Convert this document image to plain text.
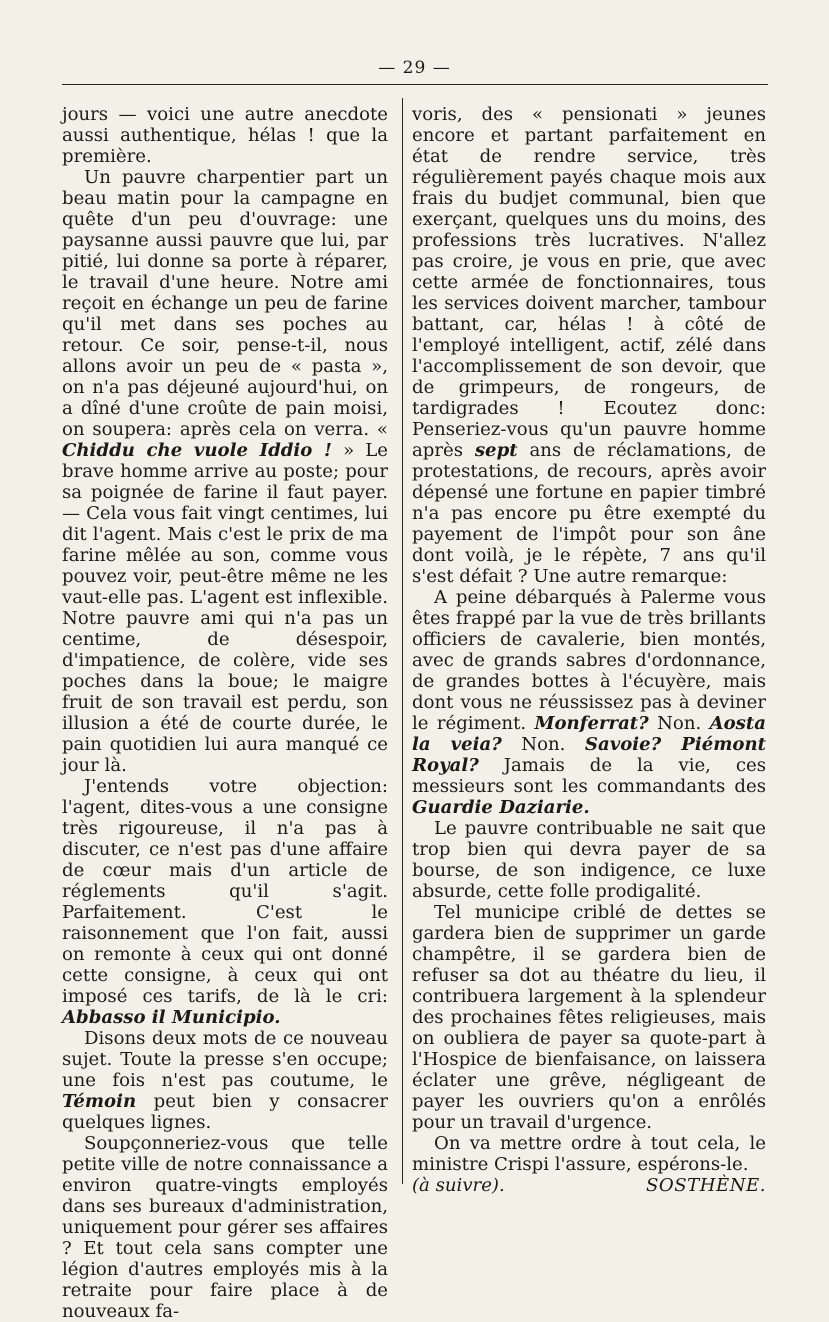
— 29 —

jours — voici une autre anecdote aussi authentique, hélas ! que la première.

Un pauvre charpentier part un beau matin pour la campagne en quête d'un peu d'ouvrage: une paysanne aussi pauvre que lui, par pitié, lui donne sa porte à réparer, le travail d'une heure. Notre ami reçoit en échange un peu de farine qu'il met dans ses poches au retour. Ce soir, pense-t-il, nous allons avoir un peu de « pasta », on n'a pas déjeuné aujourd'hui, on a dîné d'une croûte de pain moisi, on soupera: après cela on verra. « Chiddu che vuole Iddio ! » Le brave homme arrive au poste; pour sa poignée de farine il faut payer. — Cela vous fait vingt centimes, lui dit l'agent. Mais c'est le prix de ma farine mêlée au son, comme vous pouvez voir, peut-être même ne les vaut-elle pas. L'agent est inflexible. Notre pauvre ami qui n'a pas un centime, de désespoir, d'impatience, de colère, vide ses poches dans la boue; le maigre fruit de son travail est perdu, son illusion a été de courte durée, le pain quotidien lui aura manqué ce jour là.

J'entends votre objection: l'agent, dites-vous a une consigne très rigoureuse, il n'a pas à discuter, ce n'est pas d'une affaire de cœur mais d'un article de réglements qu'il s'agit. Parfaitement. C'est le raisonnement que l'on fait, aussi on remonte à ceux qui ont donné cette consigne, à ceux qui ont imposé ces tarifs, de là le cri: Abbasso il Municipio.

Disons deux mots de ce nouveau sujet. Toute la presse s'en occupe; une fois n'est pas coutume, le Témoin peut bien y consacrer quelques lignes.

Soupçonneriez-vous que telle petite ville de notre connaissance a environ quatre-vingts employés dans ses bureaux d'administration, uniquement pour gérer ses affaires ? Et tout cela sans compter une légion d'autres employés mis à la retraite pour faire place à de nouveaux fa-

voris, des « pensionati » jeunes encore et partant parfaitement en état de rendre service, très régulièrement payés chaque mois aux frais du budjet communal, bien que exerçant, quelques uns du moins, des professions très lucratives. N'allez pas croire, je vous en prie, que avec cette armée de fonctionnaires, tous les services doivent marcher, tambour battant, car, hélas ! à côté de l'employé intelligent, actif, zélé dans l'accomplissement de son devoir, que de grimpeurs, de rongeurs, de tardigrades ! Ecoutez donc: Penseriez-vous qu'un pauvre homme après sept ans de réclamations, de protestations, de recours, après avoir dépensé une fortune en papier timbré n'a pas encore pu être exempté du payement de l'impôt pour son âne dont voilà, je le répète, 7 ans qu'il s'est défait ? Une autre remarque:

A peine débarqués à Palerme vous êtes frappé par la vue de très brillants officiers de cavalerie, bien montés, avec de grands sabres d'ordonnance, de grandes bottes à l'écuyère, mais dont vous ne réussissez pas à deviner le régiment. Monferrat? Non. Aosta la veia? Non. Savoie? Piémont Royal? Jamais de la vie, ces messieurs sont les commandants des Guardie Daziarie.

Le pauvre contribuable ne sait que trop bien qui devra payer de sa bourse, de son indigence, ce luxe absurde, cette folle prodigalité.

Tel municipe criblé de dettes se gardera bien de supprimer un garde champêtre, il se gardera bien de refuser sa dot au théatre du lieu, il contribuera largement à la splendeur des prochaines fêtes religieuses, mais on oubliera de payer sa quote-part à l'Hospice de bienfaisance, on laissera éclater une grêve, négligeant de payer les ouvriers qu'on a enrôlés pour un travail d'urgence.

On va mettre ordre à tout cela, le ministre Crispi l'assure, espérons-le.

(à suivre).	SOSTHÈNE.
